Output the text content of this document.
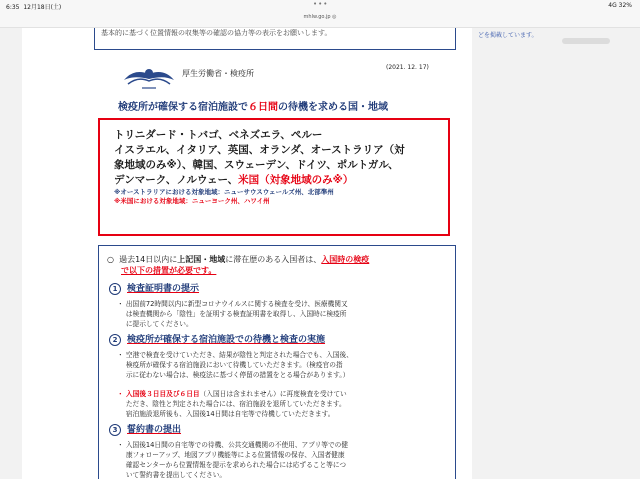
6:35 12月18日(土)	•••	4G 32%
mhlw.go.jp ◎
どを掲載しています。
基本的に基づく位置情報の収集等の確認の協力等の表示をお願いします。
厚生労働省・検疫所
(2021. 12. 17)
検疫所が確保する宿泊施設で６日間の待機を求める国・地域
トリニダード・トバゴ、ベネズエラ、ペルー
イスラエル、イタリア、英国、オランダ、オーストラリア（対
象地域のみ※）、韓国、スウェーデン、ドイツ、ポルトガル、
デンマーク、ノルウェー、米国（対象地域のみ※）
※オーストラリアにおける対象地域：ニューサウスウェールズ州、北部準州
※米国における対象地域：ニューヨーク州、ハワイ州
○ 過去14日以内に上記国・地域に滞在歴のある入国者は、入国時の検疫
で以下の措置が必要です。
1 検査証明書の提示
・ 出国前72時間以内に新型コロナウイルスに関する検査を受け、医療機関又
　 は検査機関から「陰性」を証明する検査証明書を取得し、入国時に検疫所
　 に提示してください。
2 検疫所が確保する宿泊施設での待機と検査の実施
・ 空港で検査を受けていただき、結果が陰性と判定された場合でも、入国後、
　 検疫所が確保する宿泊施設において待機していただきます。（検疫官の指
　 示に従わない場合は、検疫法に基づく停留の措置をとる場合があります。）
・ 入国後３日目及び６日目（入国日は含まれません）に再度検査を受けてい
　 ただき、陰性と判定された場合には、宿泊施設を退所していただきます。
　 宿泊施設退所後も、入国後14日間は自宅等で待機していただきます。
3 誓約書の提出
・ 入国後14日間の自宅等での待機、公共交通機関の不使用、アプリ等での健
　 康フォローアップ、地図アプリ機能等による位置情報の保存、入国者健康
　 確認センターから位置情報を提示を求められた場合には応ずること等につ
　 いて誓約書を提出してください。
